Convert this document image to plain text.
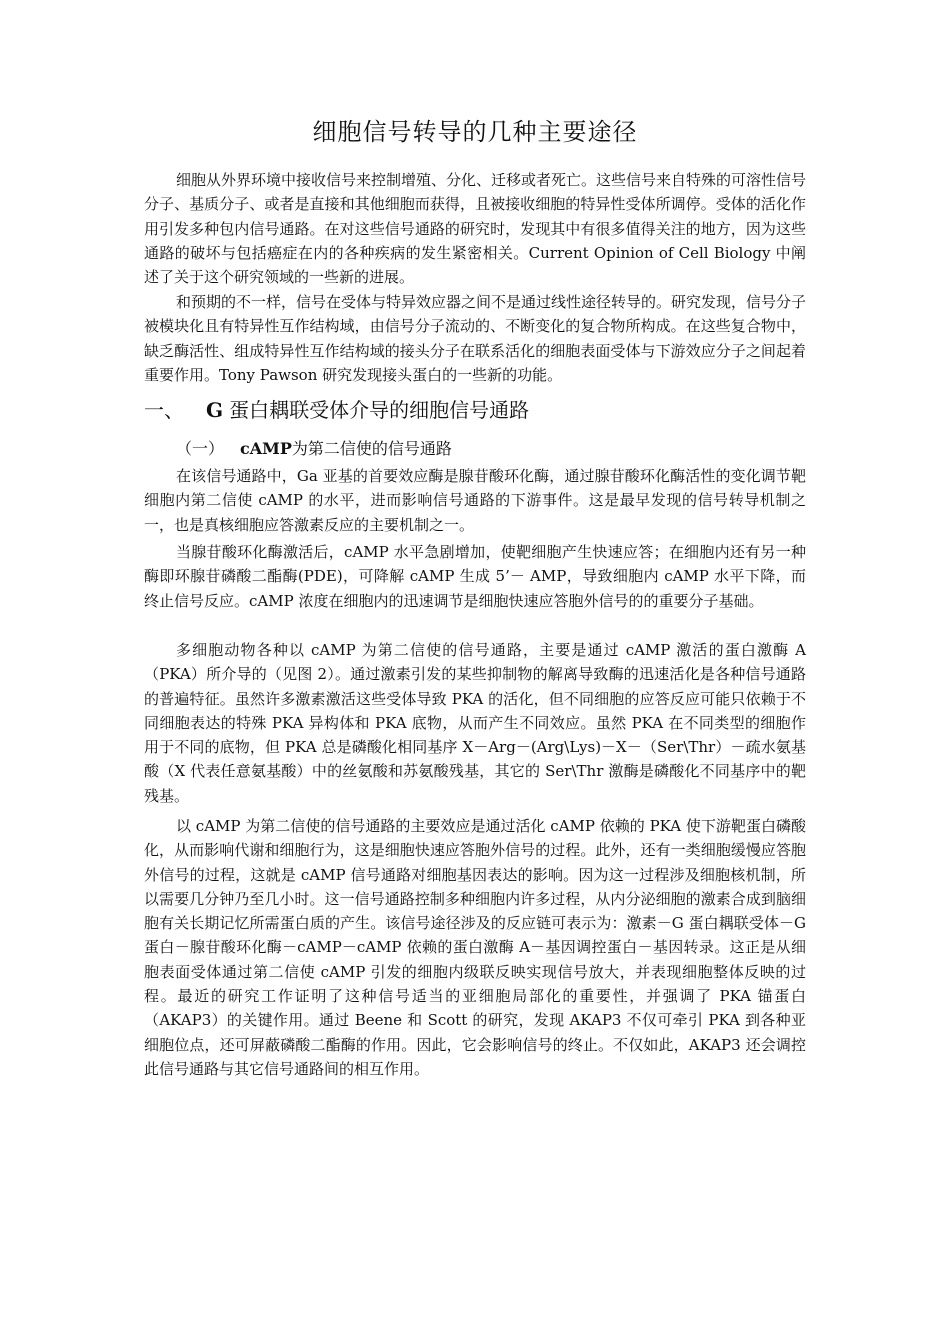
细胞信号转导的几种主要途径

细胞从外界环境中接收信号来控制增殖、分化、迁移或者死亡。这些信号来自特殊的可溶性信号分子、基质分子、或者是直接和其他细胞而获得，且被接收细胞的特异性受体所调停。受体的活化作用引发多种包内信号通路。在对这些信号通路的研究时，发现其中有很多值得关注的地方，因为这些通路的破坏与包括癌症在内的各种疾病的发生紧密相关。Current Opinion of Cell Biology 中阐述了关于这个研究领域的一些新的进展。

和预期的不一样，信号在受体与特异效应器之间不是通过线性途径转导的。研究发现，信号分子被模块化且有特异性互作结构域，由信号分子流动的、不断变化的复合物所构成。在这些复合物中，缺乏酶活性、组成特异性互作结构域的接头分子在联系活化的细胞表面受体与下游效应分子之间起着重要作用。Tony Pawson 研究发现接头蛋白的一些新的功能。

一、 G 蛋白耦联受体介导的细胞信号通路
（一） cAMP为第二信使的信号通路

在该信号通路中，Ga 亚基的首要效应酶是腺苷酸环化酶，通过腺苷酸环化酶活性的变化调节靶细胞内第二信使 cAMP 的水平，进而影响信号通路的下游事件。这是最早发现的信号转导机制之一，也是真核细胞应答激素反应的主要机制之一。

当腺苷酸环化酶激活后，cAMP 水平急剧增加，使靶细胞产生快速应答；在细胞内还有另一种酶即环腺苷磷酸二酯酶(PDE)，可降解 cAMP 生成 5’－ AMP，导致细胞内 cAMP 水平下降，而终止信号反应。cAMP 浓度在细胞内的迅速调节是细胞快速应答胞外信号的的重要分子基础。

多细胞动物各种以 cAMP 为第二信使的信号通路，主要是通过 cAMP 激活的蛋白激酶 A（PKA）所介导的（见图 2）。通过激素引发的某些抑制物的解离导致酶的迅速活化是各种信号通路的普遍特征。虽然许多激素激活这些受体导致 PKA 的活化，但不同细胞的应答反应可能只依赖于不同细胞表达的特殊 PKA 异构体和 PKA 底物，从而产生不同效应。虽然 PKA 在不同类型的细胞作用于不同的底物，但 PKA 总是磷酸化相同基序 X－Arg－(Arg\Lys)－X－（Ser\Thr）－疏水氨基酸（X 代表任意氨基酸）中的丝氨酸和苏氨酸残基，其它的 Ser\Thr 激酶是磷酸化不同基序中的靶残基。

以 cAMP 为第二信使的信号通路的主要效应是通过活化 cAMP 依赖的 PKA 使下游靶蛋白磷酸化，从而影响代谢和细胞行为，这是细胞快速应答胞外信号的过程。此外，还有一类细胞缓慢应答胞外信号的过程，这就是 cAMP 信号通路对细胞基因表达的影响。因为这一过程涉及细胞核机制，所以需要几分钟乃至几小时。这一信号通路控制多种细胞内许多过程，从内分泌细胞的激素合成到脑细胞有关长期记忆所需蛋白质的产生。该信号途径涉及的反应链可表示为：激素－G 蛋白耦联受体－G 蛋白－腺苷酸环化酶－cAMP－cAMP 依赖的蛋白激酶 A－基因调控蛋白－基因转录。这正是从细胞表面受体通过第二信使 cAMP 引发的细胞内级联反映实现信号放大，并表现细胞整体反映的过程。最近的研究工作证明了这种信号适当的亚细胞局部化的重要性，并强调了 PKA 锚蛋白（AKAP3）的关键作用。通过 Beene 和 Scott 的研究，发现 AKAP3 不仅可牵引 PKA 到各种亚细胞位点，还可屏蔽磷酸二酯酶的作用。因此，它会影响信号的终止。不仅如此，AKAP3 还会调控此信号通路与其它信号通路间的相互作用。
